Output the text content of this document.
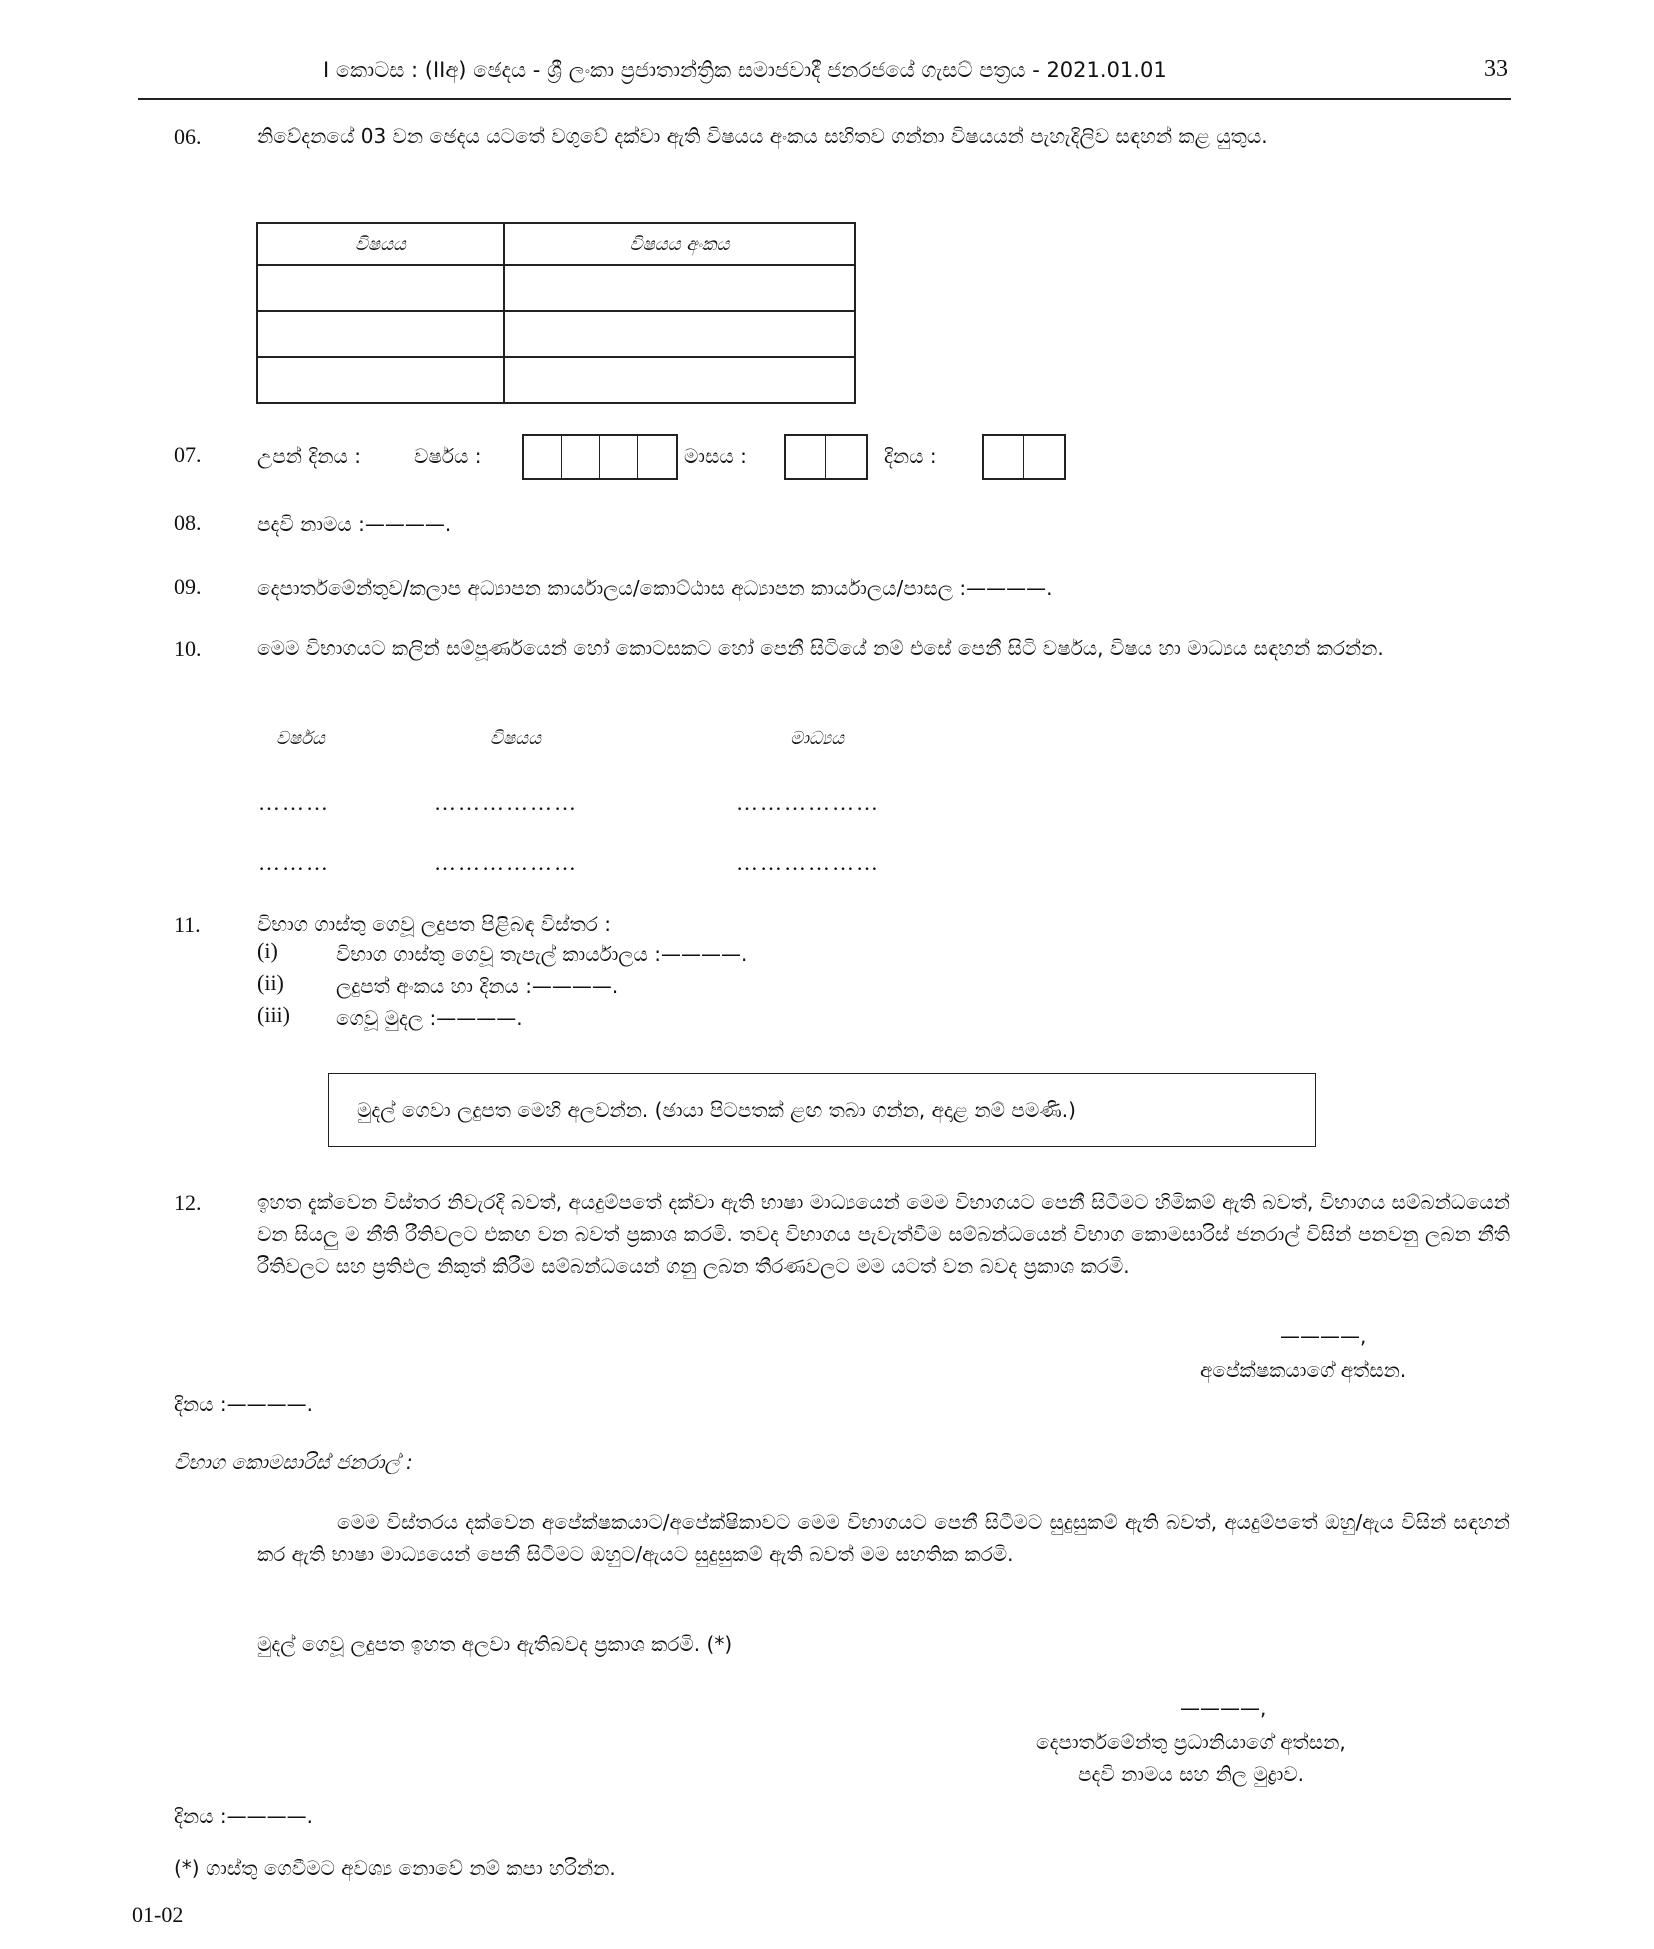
I කොටස : (IIඅ) ඡෙදය - ශ්‍රී ලංකා ප්‍රජාතාන්ත්‍රික සමාජවාදී ජනරජයේ ගැසට් පත්‍රය - 2021.01.01	33
06.	නිවේදනයේ 03 වන ඡෙදය යටතේ වගුවේ දක්වා ඇති විෂයය අංකය සහිතව ගන්නා විෂයයන් පැහැදිලිව සඳහන් කළ යුතුය.
විෂයය	විෂයය අංකය

07.	උපන් දිනය :	වර්ෂය :	මාසය :	දිනය :
08.	පදවි නාමය :————.
09.	දෙපාර්තමේන්තුව/කලාප අධ්‍යාපන කාර්යාලය/කොට්ඨාස අධ්‍යාපන කාර්යාලය/පාසල :————.
10.	මෙම විභාගයට කලින් සම්පූර්ණයෙන් හෝ කොටසකට හෝ පෙනී සිටියේ නම් එසේ පෙනී සිටි වර්ෂය, විෂය හා මාධ්‍යය සඳහන් කරන්න.
වර්ෂය	විෂයය	මාධ්‍යය
………	………………	………………
………	………………	………………
11.	විභාග ගාස්තු ගෙවූ ලදුපත පිළිබඳ විස්තර :
(i)	විභාග ගාස්තු ගෙවූ තැපැල් කාර්යාලය :————.
(ii)	ලදුපත් අංකය හා දිනය :————.
(iii) ගෙවූ මුදල :————.
මුදල් ගෙවා ලදුපත මෙහි අලවන්න. (ඡායා පිටපතක් ළඟ තබා ගන්න, අදාළ නම් පමණි.)
12.	ඉහත දැක්වෙන විස්තර නිවැරදි බවත්, අයදුම්පතේ දක්වා ඇති භාෂා මාධ්‍යයෙන් මෙම විභාගයට පෙනී සිටීමට හිමිකම් ඇති බවත්, විභාගය සම්බන්ධයෙන් වන සියලු ම නීති රීතිවලට එකඟ වන බවත් ප්‍රකාශ කරමි. තවද විභාගය පැවැත්වීම සම්බන්ධයෙන් විභාග කොමසාරිස් ජනරාල් විසින් පනවනු ලබන නීති රීතිවලට සහ ප්‍රතිඵල නිකුත් කිරීම සම්බන්ධයෙන් ගනු ලබන තීරණවලට මම යටත් වන බවද ප්‍රකාශ කරමි.
————,
අපේක්ෂකයාගේ අත්සන.
දිනය :————.
විභාග කොමසාරිස් ජනරාල් :
මෙම විස්තරය දක්වෙන අපේක්ෂකයාට/අපේක්ෂිකාවට මෙම විභාගයට පෙනී සිටීමට සුදුසුකම් ඇති බවත්, අයදුම්පතේ ඔහු/ඇය විසින් සඳහන් කර ඇති භාෂා මාධ්‍යයෙන් පෙනී සිටීමට ඔහුට/ඇයට සුදුසුකම් ඇති බවත් මම සහතික කරමි.
මුදල් ගෙවූ ලදුපත ඉහත අලවා ඇතිබවද ප්‍රකාශ කරමි. (*)
————,
දෙපාර්තමේන්තු ප්‍රධානියාගේ අත්සන,
පදවි නාමය සහ නිල මුද්‍රාව.
දිනය :————.
(*) ගාස්තු ගෙවීමට අවශ්‍ය නොවේ නම් කපා හරින්න.
01-02
